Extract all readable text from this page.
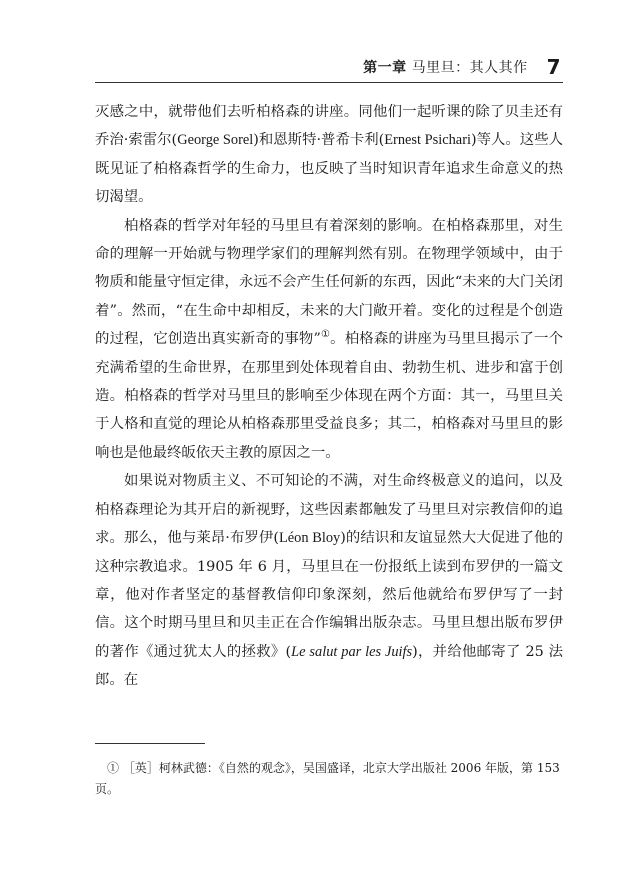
第一章 马里旦：其人其作 7

灭感之中，就带他们去听柏格森的讲座。同他们一起听课的除了贝圭还有乔治·索雷尔(George Sorel)和恩斯特·普希卡利(Ernest Psichari)等人。这些人既见证了柏格森哲学的生命力，也反映了当时知识青年追求生命意义的热切渴望。

柏格森的哲学对年轻的马里旦有着深刻的影响。在柏格森那里，对生命的理解一开始就与物理学家们的理解判然有别。在物理学领域中，由于物质和能量守恒定律，永远不会产生任何新的东西，因此“未来的大门关闭着”。然而，“在生命中却相反，未来的大门敞开着。变化的过程是个创造的过程，它创造出真实新奇的事物”①。柏格森的讲座为马里旦揭示了一个充满希望的生命世界，在那里到处体现着自由、勃勃生机、进步和富于创造。柏格森的哲学对马里旦的影响至少体现在两个方面：其一，马里旦关于人格和直觉的理论从柏格森那里受益良多；其二，柏格森对马里旦的影响也是他最终皈依天主教的原因之一。

如果说对物质主义、不可知论的不满，对生命终极意义的追问，以及柏格森理论为其开启的新视野，这些因素都触发了马里旦对宗教信仰的追求。那么，他与莱昂·布罗伊(Léon Bloy)的结识和友谊显然大大促进了他的这种宗教追求。1905 年 6 月，马里旦在一份报纸上读到布罗伊的一篇文章，他对作者坚定的基督教信仰印象深刻，然后他就给布罗伊写了一封信。这个时期马里旦和贝圭正在合作编辑出版杂志。马里旦想出版布罗伊的著作《通过犹太人的拯救》(Le salut par les Juifs)，并给他邮寄了 25 法郎。在

① ［英］柯林武德：《自然的观念》，吴国盛译，北京大学出版社 2006 年版，第 153 页。
